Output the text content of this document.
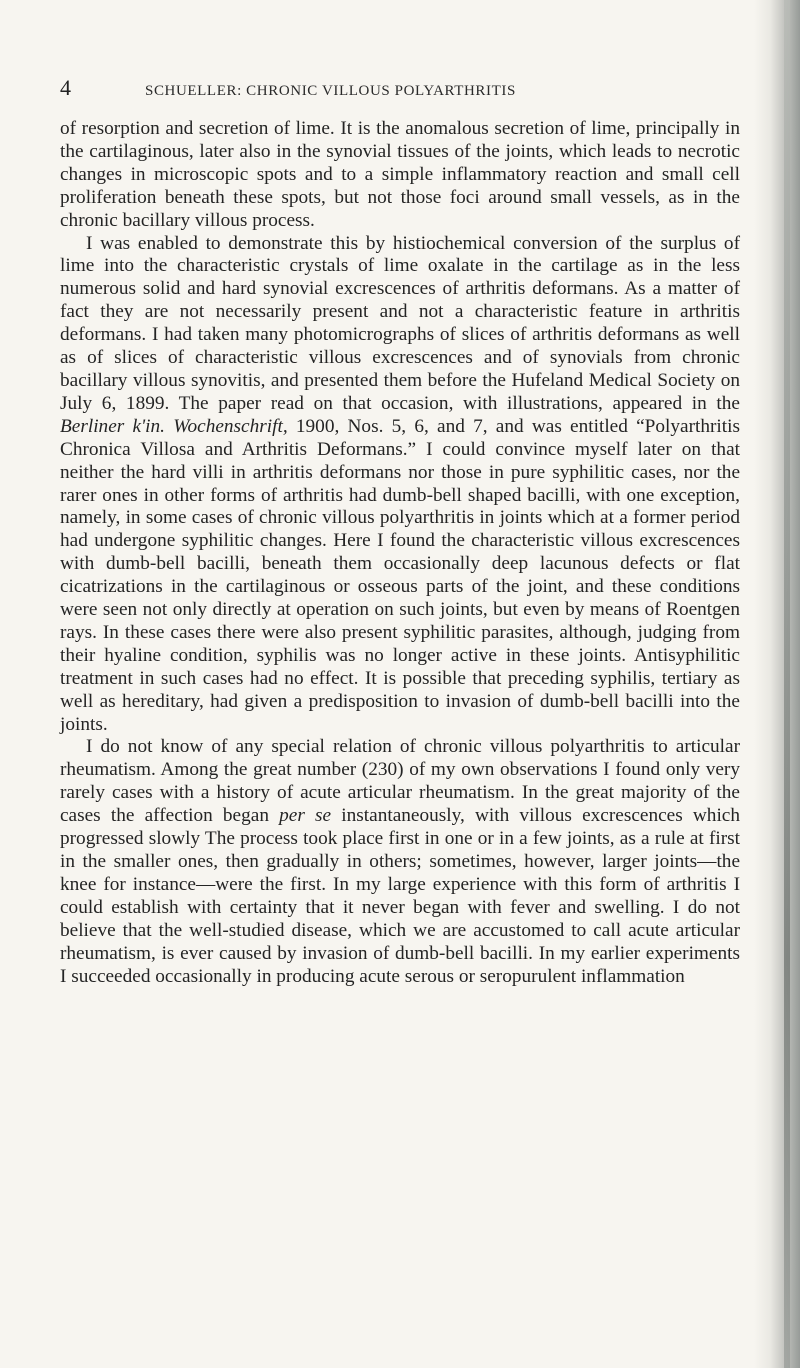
4	SCHUELLER: CHRONIC VILLOUS POLYARTHRITIS

of resorption and secretion of lime. It is the anomalous secretion of lime, principally in the cartilaginous, later also in the synovial tissues of the joints, which leads to necrotic changes in microscopic spots and to a simple inflammatory reaction and small cell proliferation beneath these spots, but not those foci around small vessels, as in the chronic bacillary villous process.

I was enabled to demonstrate this by histiochemical conversion of the surplus of lime into the characteristic crystals of lime oxalate in the cartilage as in the less numerous solid and hard synovial excrescences of arthritis deformans. As a matter of fact they are not necessarily present and not a characteristic feature in arthritis deformans. I had taken many photomicrographs of slices of arthritis deformans as well as of slices of characteristic villous excrescences and of synovials from chronic bacillary villous synovitis, and presented them before the Hufeland Medical Society on July 6, 1899. The paper read on that occasion, with illustrations, appeared in the Berliner k'in. Wochenschrift, 1900, Nos. 5, 6, and 7, and was entitled “Polyarthritis Chronica Villosa and Arthritis Deformans.” I could convince myself later on that neither the hard villi in arthritis deformans nor those in pure syphilitic cases, nor the rarer ones in other forms of arthritis had dumb-bell shaped bacilli, with one exception, namely, in some cases of chronic villous polyarthritis in joints which at a former period had undergone syphilitic changes. Here I found the characteristic villous excrescences with dumb-bell bacilli, beneath them occasionally deep lacunous defects or flat cicatrizations in the cartilaginous or osseous parts of the joint, and these conditions were seen not only directly at operation on such joints, but even by means of Roentgen rays. In these cases there were also present syphilitic parasites, although, judging from their hyaline condition, syphilis was no longer active in these joints. Antisyphilitic treatment in such cases had no effect. It is possible that preceding syphilis, tertiary as well as hereditary, had given a predisposition to invasion of dumb-bell bacilli into the joints.

I do not know of any special relation of chronic villous polyarthritis to articular rheumatism. Among the great number (230) of my own observations I found only very rarely cases with a history of acute articular rheumatism. In the great majority of the cases the affection began per se instantaneously, with villous excrescences which progressed slowly The process took place first in one or in a few joints, as a rule at first in the smaller ones, then gradually in others; sometimes, however, larger joints—the knee for instance—were the first. In my large experience with this form of arthritis I could establish with certainty that it never began with fever and swelling. I do not believe that the well-studied disease, which we are accustomed to call acute articular rheumatism, is ever caused by invasion of dumb-bell bacilli. In my earlier experiments I succeeded occasionally in producing acute serous or seropurulent inflammation
